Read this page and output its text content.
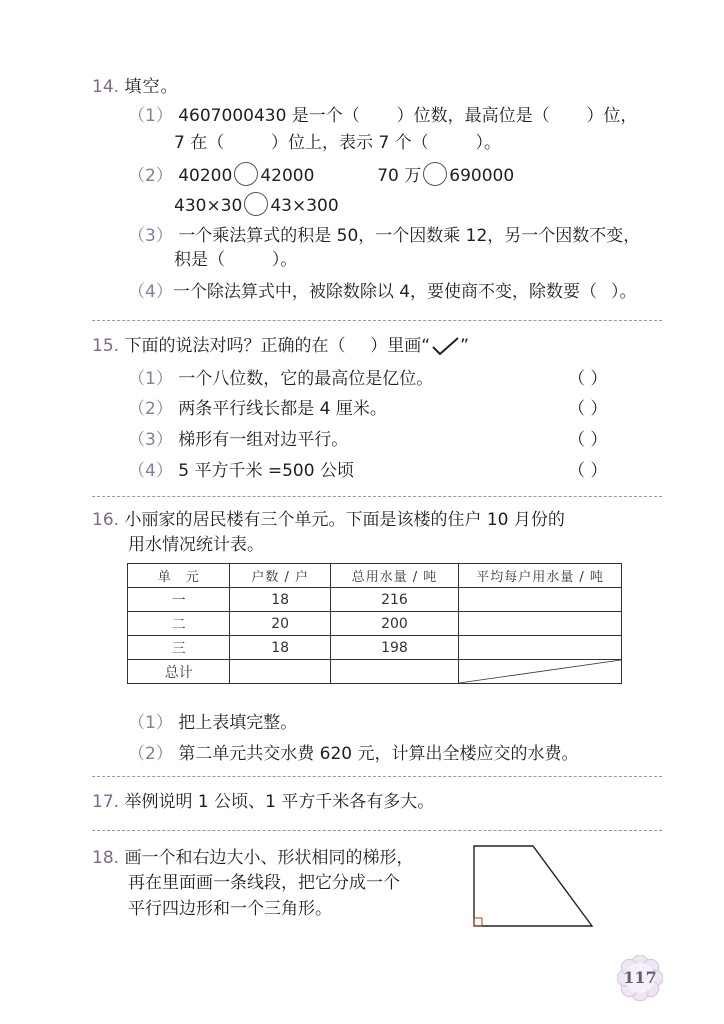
14. 填空。
（1） 4607000430 是一个（ ）位数，最高位是（ ）位，
7 在（	）位上，表示 7 个（	）。
（2） 40200 42000	70 万 690000
430×30 43×300
（3） 一个乘法算式的积是 50，一个因数乘 12，另一个因数不变，
积是（	）。
（4）一个除法算式中，被除数除以 4，要使商不变，除数要（ ）。
15. 下面的说法对吗？正确的在（ ）里画“ ”
（1） 一个八位数，它的最高位是亿位。	（ ）
（2） 两条平行线长都是 4 厘米。	（ ）
（3） 梯形有一组对边平行。	（ ）
（4） 5 平方千米 =500 公顷	（ ）
16. 小丽家的居民楼有三个单元。下面是该楼的住户 10 月份的
用水情况统计表。
单　元	户数 / 户	总用水量 / 吨	平均每户用水量 / 吨
一	18	216	
二	20	200	
三	18	198	
总计			
（1） 把上表填完整。
（2） 第二单元共交水费 620 元，计算出全楼应交的水费。
17. 举例说明 1 公顷、1 平方千米各有多大。
18. 画一个和右边大小、形状相同的梯形，
再在里面画一条线段，把它分成一个
平行四边形和一个三角形。
117
